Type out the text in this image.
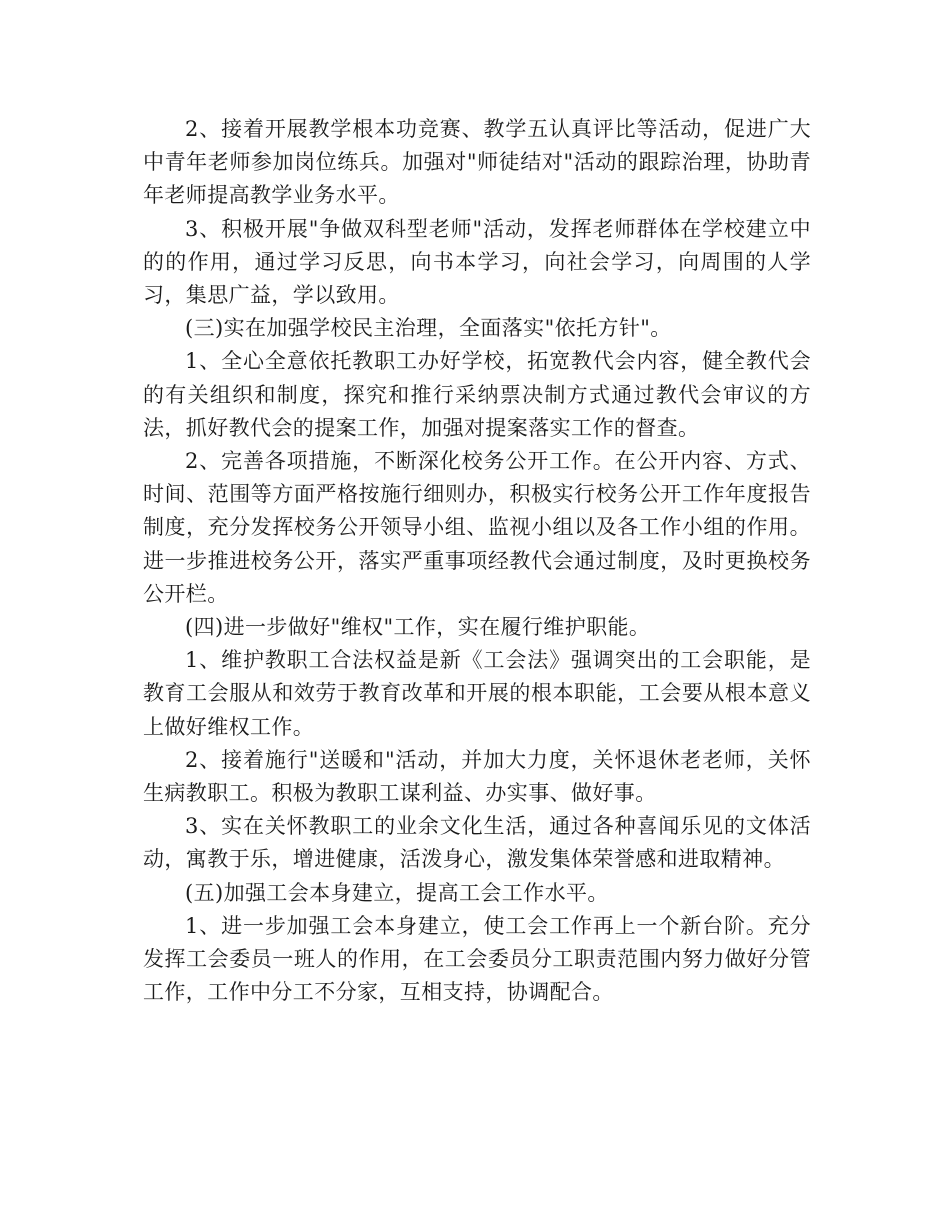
2、接着开展教学根本功竞赛、教学五认真评比等活动，促进广大中青年老师参加岗位练兵。加强对"师徒结对"活动的跟踪治理，协助青年老师提高教学业务水平。

3、积极开展"争做双科型老师"活动，发挥老师群体在学校建立中的的作用，通过学习反思，向书本学习，向社会学习，向周围的人学习，集思广益，学以致用。

(三)实在加强学校民主治理，全面落实"依托方针"。

1、全心全意依托教职工办好学校，拓宽教代会内容，健全教代会的有关组织和制度，探究和推行采纳票决制方式通过教代会审议的方法，抓好教代会的提案工作，加强对提案落实工作的督查。

2、完善各项措施，不断深化校务公开工作。在公开内容、方式、时间、范围等方面严格按施行细则办，积极实行校务公开工作年度报告制度，充分发挥校务公开领导小组、监视小组以及各工作小组的作用。进一步推进校务公开，落实严重事项经教代会通过制度，及时更换校务公开栏。

(四)进一步做好"维权"工作，实在履行维护职能。

1、维护教职工合法权益是新《工会法》强调突出的工会职能，是教育工会服从和效劳于教育改革和开展的根本职能，工会要从根本意义上做好维权工作。

2、接着施行"送暖和"活动，并加大力度，关怀退休老老师，关怀生病教职工。积极为教职工谋利益、办实事、做好事。

3、实在关怀教职工的业余文化生活，通过各种喜闻乐见的文体活动，寓教于乐，增进健康，活泼身心，激发集体荣誉感和进取精神。

(五)加强工会本身建立，提高工会工作水平。

1、进一步加强工会本身建立，使工会工作再上一个新台阶。充分发挥工会委员一班人的作用，在工会委员分工职责范围内努力做好分管工作，工作中分工不分家，互相支持，协调配合。
